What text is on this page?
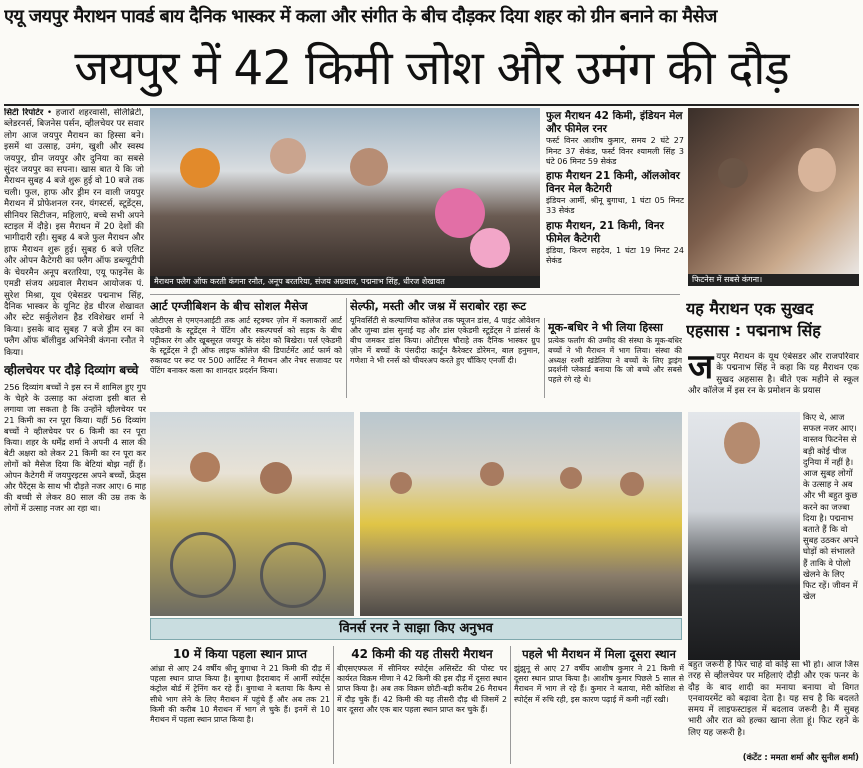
एयू जयपुर मैराथन पावर्ड बाय दैनिक भास्कर में कला और संगीत के बीच दौड़कर दिया शहर को ग्रीन बनाने का मैसेज
जयपुर में 42 किमी जोश और उमंग की दौड़
सिटी रिपोर्टर • हजारों शहरवासी, सेलिब्रिटी, ब्लेडरनर्स, बिजनेस पर्सन, व्हीलचेयर पर सवार लोग आज जयपुर मैराथन का हिस्सा बने। इसमें था उत्साह, उमंग, खुशी और स्वस्थ जयपुर, ग्रीन जयपुर और दुनिया का सबसे सुंदर जयपुर का सपना। खास बात ये कि जो मैराथन सुबह 4 बजे शुरू हुई वो 10 बजे तक चली। फुल, हाफ और ड्रीम रन वाली जयपुर मैराथन में प्रोफेशनल रनर, यंगस्टर्स, स्टूडेंट्स, सीनियर सिटीजन, महिलाएं, बच्चे सभी अपने स्टाइल में दौड़े। इस मैराथन में 20 देशों की भागीदारी रही। सुबह 4 बजे फुल मैराथन और हाफ मैराथन शुरू हुई। सुबह 6 बजे एलिट और ओपन कैटेगरी का फ्लैग ऑफ डब्ल्यूटीपी के चेयरमैन अनूप बरतरिया, एयू फाइनेंस के एमडी संजय अग्रवाल मैराथन आयोजक पं. सुरेश मिश्रा, यूथ एंबेसडर पद्मनाभ सिंह, दैनिक भास्कर के यूनिट हेड धीरज शेखावत और स्टेट सर्कुलेशन हैड रविशेखर शर्मा ने किया। इसके बाद सुबह 7 बजे ड्रीम रन का फ्लैग ऑफ बॉलीवुड अभिनेत्री कंगना रनौत ने किया।
मैराथन फ्लैग ऑफ करती कंगना रनौत, अनूप बरतरिया, संजय अग्रवाल, पद्मनाभ सिंह, धीरज शेखावत
फुल मैराथन 42 किमी, इंडियन मेल और फीमेल रनर
फर्स्ट विनर आशीष कुमार, समय 2 घंटे 27 मिनट 37 सेकंड, फर्स्ट विनर श्यामली सिंह 3 घंटे 06 मिनट 59 सेकंड
हाफ मैराथन 21 किमी, ऑलओवर विनर मेल कैटेगरी
इंडियन आर्मी, श्रीनू बुगाथा, 1 घंटा 05 मिनट 33 सेकंड
हाफ मैराथन, 21 किमी, विनर फीमेल कैटेगरी
इंडिया, किरण सहदेव, 1 घंटा 19 मिनट 24 सेकंड
फिटनेस में सबसे कंगना।
यह मैराथन एक सुखद एहसास : पद्मनाभ सिंह
आर्ट एग्जीबिशन के बीच सोशल मैसेज
ओटीएस से एमएनआईटी तक आर्ट स्ट्रक्चर ज़ोन में कलाकारों आर्ट एकेडमी के स्टूडेंट्स ने पेंटिंग और स्कल्पचर्स को सड़क के बीच पट्टीकार रंग और खूबसूरत जयपुर के संदेश को बिखेरा। पर्ल एकेडमी के स्टूडेंट्स ने ट्री ऑफ लाइफ कॉलेज की डिपार्टमेंट आर्ट फार्म को रुकावट पर रूट पर 500 आर्टिस्ट ने मैराथन और नेचर सजावट पर पेंटिंग बनाकर कला का शानदार प्रदर्शन किया।
सेल्फी, मस्ती और जश्न में सराबोर रहा रूट
यूनिवर्सिटी से कल्याणिया कॉलेज तक फ्यूजन डांस, 4 पाइंट ओवेशन और जुम्बा डांस सुनाई यह और डांस एकेडमी स्टूडेंट्स ने डांसर्स के बीच जमकर डांस किया। ओटीएस चौराहे तक दैनिक भास्कर ग्रुप ज़ोन में बच्चों के पंसदीदा कार्टून कैरेक्टर डोरेमन, बाल हनुमान, गणेशा ने भी रनर्स को चीयरअप करते हुए चौंकिए एनर्जी दी।
मूक-बधिर ने भी लिया हिस्सा
प्रत्येक फर्लांग की उम्मीद की संस्था के मूक-बधिर बच्चों ने भी मैराथन में भाग लिया। संस्था की अध्यक्ष रश्मी खंडेलिया ने बच्चों के लिए ड्राइंग प्रदर्शनी प्लेकार्ड बनाया कि जो बच्चे और सबसे पहले रंगे रहे थे।	ज यपुर मैराथन के यूथ एंबेसडर और राजपरिवार के पद्मनाभ सिंह ने कहा कि यह मैराथन एक सुखद अहसास है। बीते एक महीने से स्कूल और कॉलेज में इस रन के प्रमोशन के प्रयास
किए थे, आज सफल नजर आए। वास्तव फिटनेस से बड़ी कोई चीज दुनिया में नहीं है। आज सुबह लोगों के उत्साह ने अब और भी बहुत कुछ करने का जज्बा दिया है। पद्मनाभ बताते हैं कि वो सुबह उठकर अपने घोड़ों को संभालते हैं ताकि वे पोलो खेलने के लिए फिट रहें। जीवन में खेल
बहुत जरूरी है फिर चाहे वो कोई सा भी हो। आज जिस तरह से व्हीलचेयर पर महिलाएं दौड़ी और एक फनर के दौड़ के बाद शादी का मनाया बनाया वो विगत एनवायरमेंट को बढ़ावा देता है। यह सच है कि बदलते समय में लाइफस्टाइल में बदलाव जरूरी है। मैं सुबह भारी और रात को हल्का खाना लेता हूं। फिट रहने के लिए यह जरूरी है।
(कंटेंट : ममता शर्मा और सुनील शर्मा)
व्हीलचेयर पर दौड़े दिव्यांग बच्चे
256 दिव्यांग बच्चों ने इस रन में शामिल हुए गुप के चेहरे के उत्साह का अंदाजा इसी बात से लगाया जा सकता है कि उन्होंने व्हीलचेयर पर 21 किमी का रन पूरा किया। यहीं 56 दिव्यांग बच्चों ने व्हीलचेयर पर 6 किमी का रन पूरा किया। शहर के धर्मेंद्र शर्मा ने अपनी 4 साल की बेटी अक्षरा को लेकर 21 किमी का रन पूरा कर लोगों को मैसेज दिया कि बेटियां बोझ नहीं हैं। ओपन कैटेगरी में जयपुरइटस अपने बच्चों, फ्रेंड्स और पैरेंट्स के साथ भी दौड़ते नजर आए। 6 माह की बच्ची से लेकर 80 साल की उम्र तक के लोगों में उत्साह नजर आ रहा था।
विनर्स रनर ने साझा किए अनुभव
10 में किया पहला स्थान प्राप्त
आंध्रा से आए 24 वर्षीय श्रीनू बुगाथा ने 21 किमी की दौड़ में पहला स्थान प्राप्त किया है। बुगाथा हैदराबाद में आर्मी स्पोर्ट्स कंट्रोल बोर्ड में ट्रेनिंग कर रहे हैं। बुगाथा ने बताया कि कैम्प से सीधे भाग लेने के लिए मैराथन में पहुंचे हैं और अब तक 21 किमी की करीब 10 मैराथन में भाग ले चुके हैं। इनमें से 10 मैराथन में पहला स्थान प्राप्त किया है।
42 किमी की यह तीसरी मैराथन
बीएसएफ्फल में सीनियर स्पोर्ट्स असिस्टेंट की पोस्ट पर कार्यरत विक्रम मीणा ने 42 किमी की इस दौड़ में दूसरा स्थान प्राप्त किया है। अब तक विक्रम छोटी-बड़ी करीब 26 मैराथन में दौड़ चुके हैं। 42 किमी की यह तीसरी दौड़ थी जिसमें 2 बार दूसरा और एक बार पहला स्थान प्राप्त कर चुके हैं।
पहले भी मैराथन में मिला दूसरा स्थान
झुंझुनू से आए 27 वर्षीय आशीष कुमार ने 21 किमी में दूसरा स्थान प्राप्त किया है। आशीष कुमार पिछले 5 साल से मैराथन में भाग ले रहे हैं। कुमार ने बताया, मेरी कोशिश से स्पोर्ट्स में रुचि रही, इस कारण पढ़ाई में कमी नहीं रखी।
